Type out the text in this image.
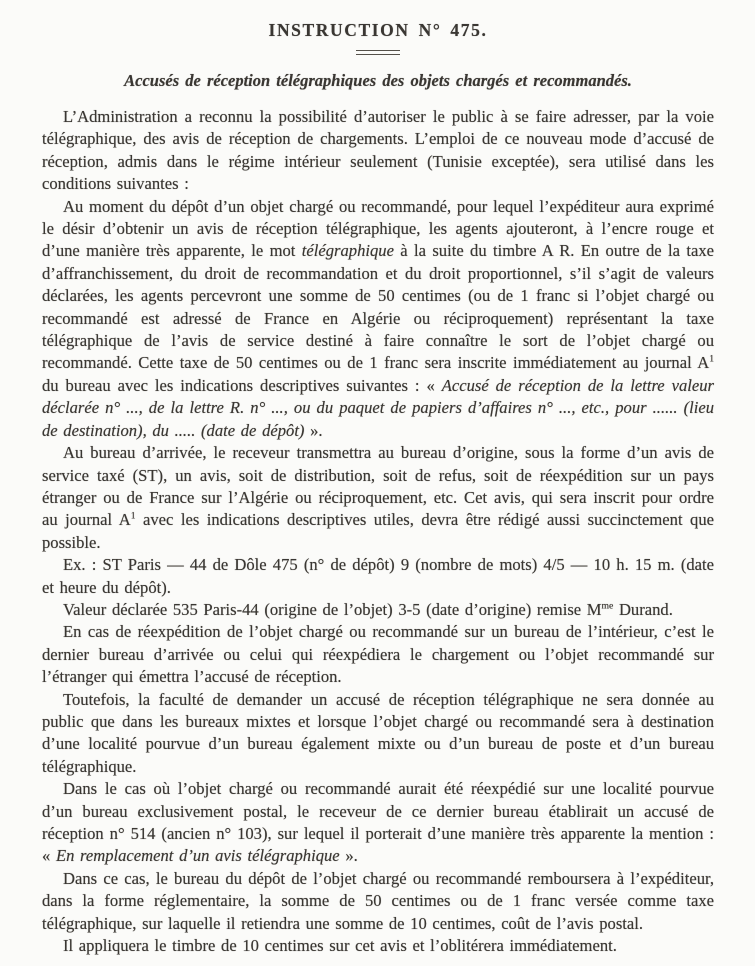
INSTRUCTION N° 475.
Accusés de réception télégraphiques des objets chargés et recommandés.

L’Administration a reconnu la possibilité d’autoriser le public à se faire adresser, par la voie télégraphique, des avis de réception de chargements. L’emploi de ce nouveau mode d’accusé de réception, admis dans le régime intérieur seulement (Tunisie exceptée), sera utilisé dans les conditions suivantes :

Au moment du dépôt d’un objet chargé ou recommandé, pour lequel l’expéditeur aura exprimé le désir d’obtenir un avis de réception télégraphique, les agents ajouteront, à l’encre rouge et d’une manière très apparente, le mot télégraphique à la suite du timbre A R. En outre de la taxe d’affranchissement, du droit de recommandation et du droit proportionnel, s’il s’agit de valeurs déclarées, les agents percevront une somme de 50 centimes (ou de 1 franc si l’objet chargé ou recommandé est adressé de France en Algérie ou réciproquement) représentant la taxe télégraphique de l’avis de service destiné à faire connaître le sort de l’objet chargé ou recommandé. Cette taxe de 50 centimes ou de 1 franc sera inscrite immédiatement au journal $A^1$ du bureau avec les indications descriptives suivantes : « Accusé de réception de la lettre valeur déclarée n° ..., de la lettre R. n° ..., ou du paquet de papiers d’affaires n° ..., etc., pour ...... (lieu de destination), du ..... (date de dépôt) ».

Au bureau d’arrivée, le receveur transmettra au bureau d’origine, sous la forme d’un avis de service taxé (ST), un avis, soit de distribution, soit de refus, soit de réexpédition sur un pays étranger ou de France sur l’Algérie ou réciproquement, etc. Cet avis, qui sera inscrit pour ordre au journal $A^1$ avec les indications descriptives utiles, devra être rédigé aussi succinctement que possible.

Ex. : ST Paris — 44 de Dôle 475 (n° de dépôt) 9 (nombre de mots) 4/5 — 10 h. 15 m. (date et heure du dépôt).

Valeur déclarée 535 Paris-44 (origine de l’objet) 3-5 (date d’origine) remise $M^{me}$ Durand.

En cas de réexpédition de l’objet chargé ou recommandé sur un bureau de l’intérieur, c’est le dernier bureau d’arrivée ou celui qui réexpédiera le chargement ou l’objet recommandé sur l’étranger qui émettra l’accusé de réception.

Toutefois, la faculté de demander un accusé de réception télégraphique ne sera donnée au public que dans les bureaux mixtes et lorsque l’objet chargé ou recommandé sera à destination d’une localité pourvue d’un bureau également mixte ou d’un bureau de poste et d’un bureau télégraphique.

Dans le cas où l’objet chargé ou recommandé aurait été réexpédié sur une localité pourvue d’un bureau exclusivement postal, le receveur de ce dernier bureau établirait un accusé de réception n° 514 (ancien n° 103), sur lequel il porterait d’une manière très apparente la mention : « En remplacement d’un avis télégraphique ».

Dans ce cas, le bureau du dépôt de l’objet chargé ou recommandé remboursera à l’expéditeur, dans la forme réglementaire, la somme de 50 centimes ou de 1 franc versée comme taxe télégraphique, sur laquelle il retiendra une somme de 10 centimes, coût de l’avis postal.

Il appliquera le timbre de 10 centimes sur cet avis et l’oblitérera immédiatement.
